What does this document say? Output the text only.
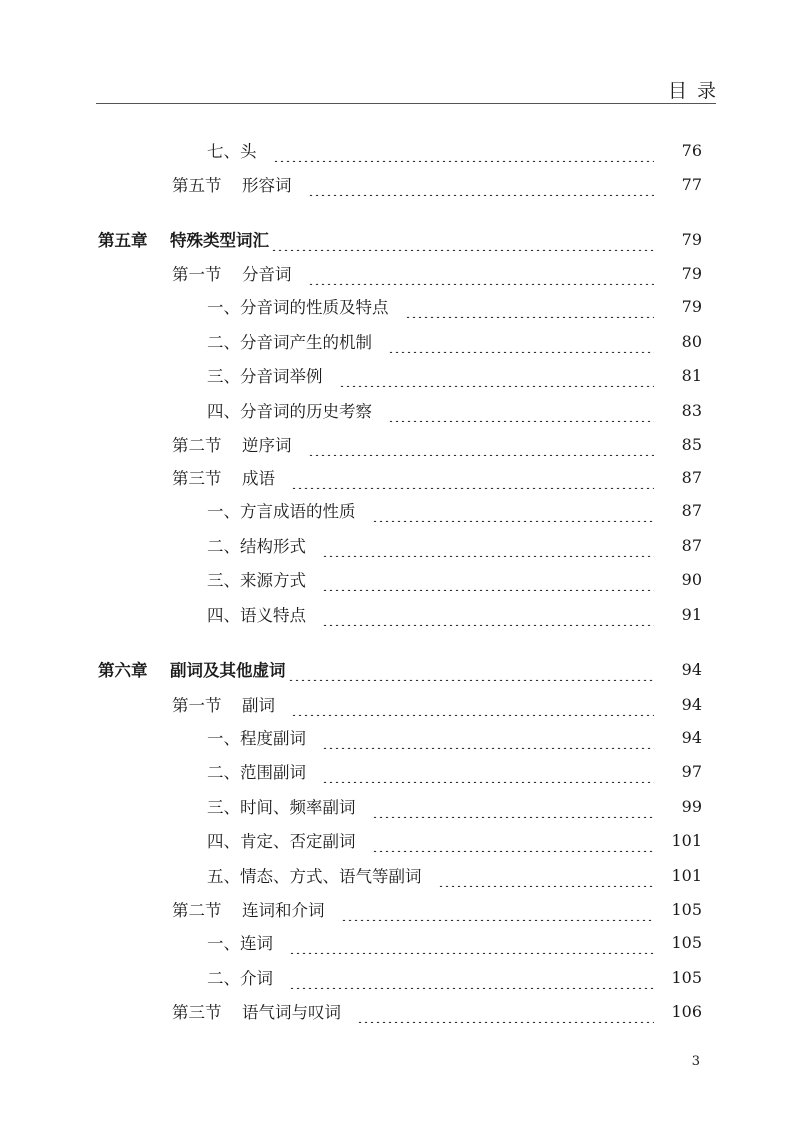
目录
七、 头	76
第五节	形容词	77
第五章	特殊类型词汇	79
第一节	分音词	79
一、 分音词的性质及特点	79
二、 分音词产生的机制	80
三、 分音词举例	81
四、 分音词的历史考察	83
第二节	逆序词	85
第三节	成语	87
一、 方言成语的性质	87
二、 结构形式	87
三、 来源方式	90
四、 语义特点	91
第六章	副词及其他虚词	94
第一节	副词	94
一、 程度副词	94
二、 范围副词	97
三、 时间、频率副词	99
四、 肯定、否定副词	101
五、 情态、方式、语气等副词	101
第二节	连词和介词	105
一、 连词	105
二、 介词	105
第三节	语气词与叹词	106
3
